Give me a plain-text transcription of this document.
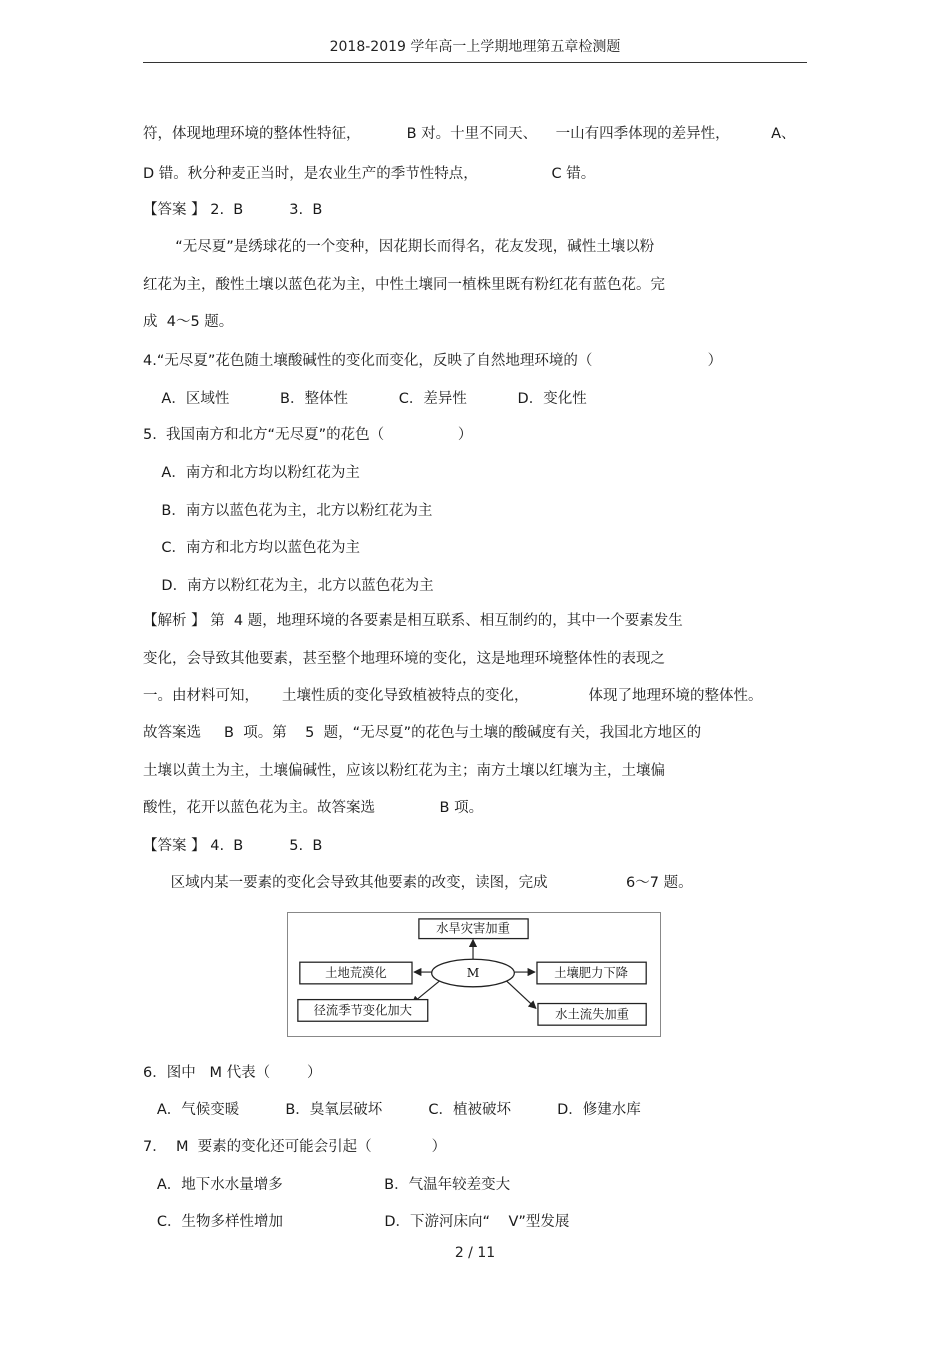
2018-2019 学年高一上学期地理第五章检测题
符，体现地理环境的整体性特征，          B 对。十里不同天、    一山有四季体现的差异性，         A、
D 错。秋分种麦正当时，是农业生产的季节性特点，                C 错。
【答案 】 2.  B          3.  B
“无尽夏”是绣球花的一个变种，因花期长而得名，花友发现，碱性土壤以粉
红花为主，酸性土壤以蓝色花为主，中性土壤同一植株里既有粉红花有蓝色花。完
成  4～5 题。
4.“无尽夏”花色随土壤酸碱性的变化而变化，反映了自然地理环境的（                         ）
A．区域性           B．整体性           C．差异性           D．变化性
5.  我国南方和北方“无尽夏”的花色（                ）
A．南方和北方均以粉红花为主
B．南方以蓝色花为主，北方以粉红花为主
C．南方和北方均以蓝色花为主
D．南方以粉红花为主，北方以蓝色花为主
【解析 】 第  4 题，地理环境的各要素是相互联系、相互制约的，其中一个要素发生
变化，会导致其他要素，甚至整个地理环境的变化，这是地理环境整体性的表现之
一。由材料可知，     土壤性质的变化导致植被特点的变化，             体现了地理环境的整体性。
故答案选     B  项。第    5  题，“无尽夏”的花色与土壤的酸碱度有关，我国北方地区的
土壤以黄土为主，土壤偏碱性，应该以粉红花为主；南方土壤以红壤为主，土壤偏
酸性，花开以蓝色花为主。故答案选              B 项。
【答案 】 4.  B          5.  B
区域内某一要素的变化会导致其他要素的改变，读图，完成                 6～7 题。
M
水旱灾害加重
土地荒漠化
径流季节变化加大
土壤肥力下降
水土流失加重
6．图中   M 代表（        ）
A．气候变暖          B．臭氧层破坏          C．植被破坏          D．修建水库
7．  M  要素的变化还可能会引起（             ）
A．地下水水量增多                      B．气温年较差变大
C．生物多样性增加                      D．下游河床向“    V”型发展
2 / 11
